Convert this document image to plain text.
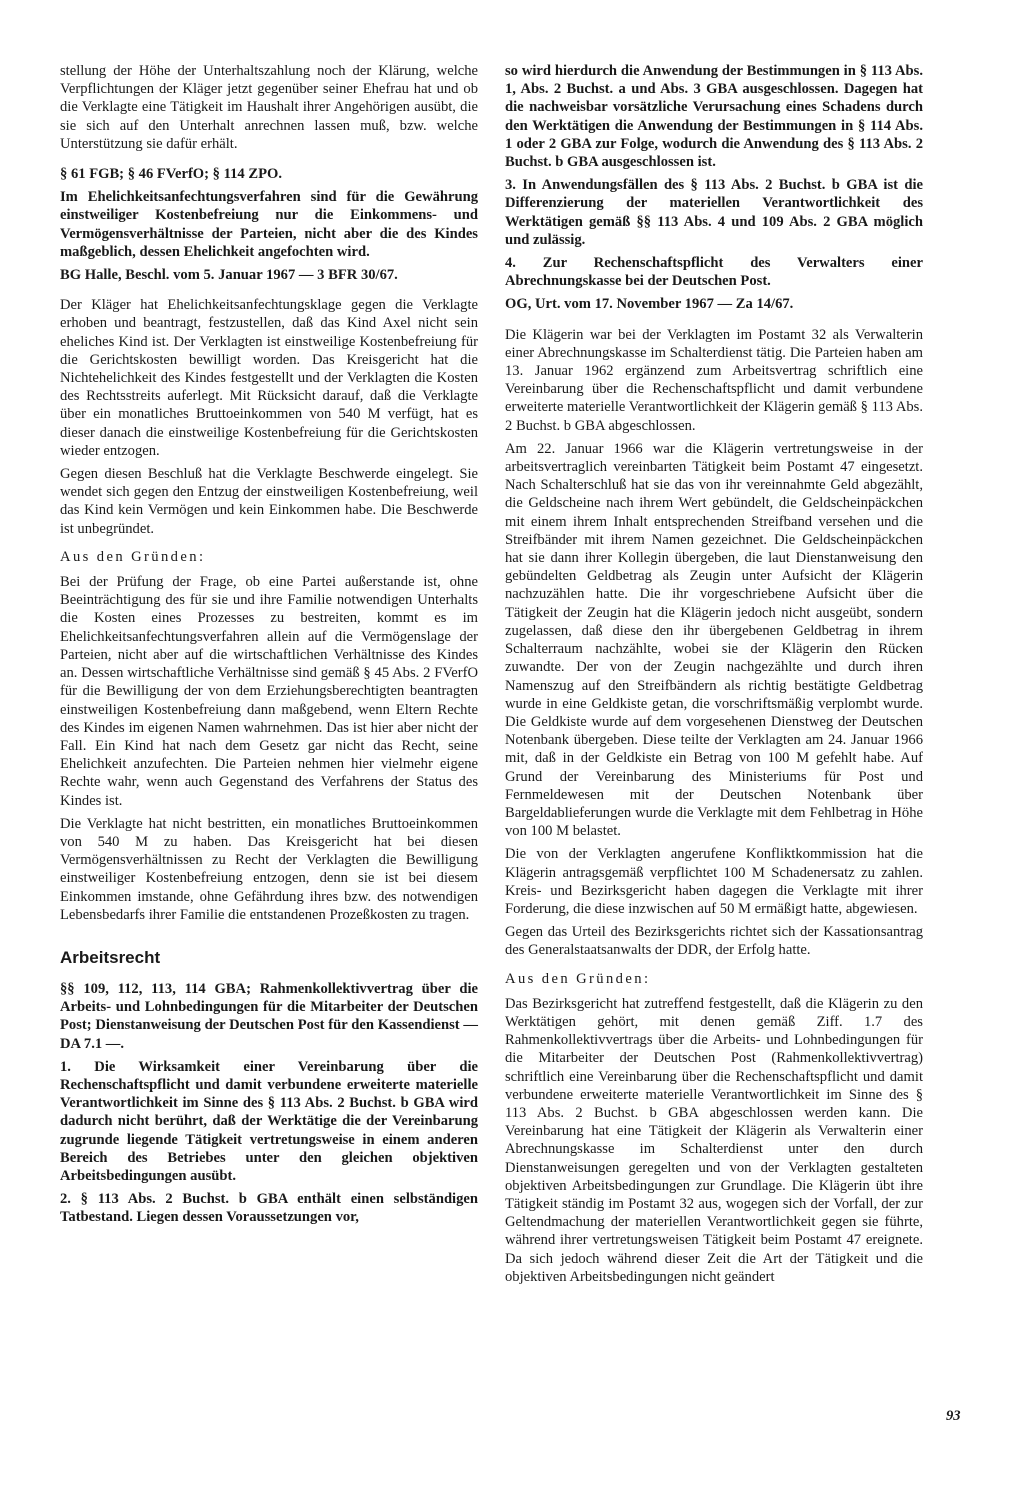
stellung der Höhe der Unterhaltszahlung noch der Klärung, welche Verpflichtungen der Kläger jetzt gegenüber seiner Ehefrau hat und ob die Verklagte eine Tätigkeit im Haushalt ihrer Angehörigen ausübt, die sie sich auf den Unterhalt anrechnen lassen muß, bzw. welche Unterstützung sie dafür erhält.

§ 61 FGB; § 46 FVerfO; § 114 ZPO.

Im Ehelichkeitsanfechtungsverfahren sind für die Gewährung einstweiliger Kostenbefreiung nur die Einkommens- und Vermögensverhältnisse der Parteien, nicht aber die des Kindes maßgeblich, dessen Ehelichkeit angefochten wird.

BG Halle, Beschl. vom 5. Januar 1967 — 3 BFR 30/67.

Der Kläger hat Ehelichkeitsanfechtungsklage gegen die Verklagte erhoben und beantragt, festzustellen, daß das Kind Axel nicht sein eheliches Kind ist. Der Verklagten ist einstweilige Kostenbefreiung für die Gerichtskosten bewilligt worden. Das Kreisgericht hat die Nichtehelichkeit des Kindes festgestellt und der Verklagten die Kosten des Rechtsstreits auferlegt. Mit Rücksicht darauf, daß die Verklagte über ein monatliches Bruttoeinkommen von 540 M verfügt, hat es dieser danach die einstweilige Kostenbefreiung für die Gerichtskosten wieder entzogen.

Gegen diesen Beschluß hat die Verklagte Beschwerde eingelegt. Sie wendet sich gegen den Entzug der einstweiligen Kostenbefreiung, weil das Kind kein Vermögen und kein Einkommen habe. Die Beschwerde ist unbegründet.

Aus den Gründen:

Bei der Prüfung der Frage, ob eine Partei außerstande ist, ohne Beeinträchtigung des für sie und ihre Familie notwendigen Unterhalts die Kosten eines Prozesses zu bestreiten, kommt es im Ehelichkeitsanfechtungsverfahren allein auf die Vermögenslage der Parteien, nicht aber auf die wirtschaftlichen Verhältnisse des Kindes an. Dessen wirtschaftliche Verhältnisse sind gemäß § 45 Abs. 2 FVerfO für die Bewilligung der von dem Erziehungsberechtigten beantragten einstweiligen Kostenbefreiung dann maßgebend, wenn Eltern Rechte des Kindes im eigenen Namen wahrnehmen. Das ist hier aber nicht der Fall. Ein Kind hat nach dem Gesetz gar nicht das Recht, seine Ehelichkeit anzufechten. Die Parteien nehmen hier vielmehr eigene Rechte wahr, wenn auch Gegenstand des Verfahrens der Status des Kindes ist.

Die Verklagte hat nicht bestritten, ein monatliches Bruttoeinkommen von 540 M zu haben. Das Kreisgericht hat bei diesen Vermögensverhältnissen zu Recht der Verklagten die Bewilligung einstweiliger Kostenbefreiung entzogen, denn sie ist bei diesem Einkommen imstande, ohne Gefährdung ihres bzw. des notwendigen Lebensbedarfs ihrer Familie die entstandenen Prozeßkosten zu tragen.

Arbeitsrecht

§§ 109, 112, 113, 114 GBA; Rahmenkollektivvertrag über die Arbeits- und Lohnbedingungen für die Mitarbeiter der Deutschen Post; Dienstanweisung der Deutschen Post für den Kassendienst — DA 7.1 —.

1. Die Wirksamkeit einer Vereinbarung über die Rechenschaftspflicht und damit verbundene erweiterte materielle Verantwortlichkeit im Sinne des § 113 Abs. 2 Buchst. b GBA wird dadurch nicht berührt, daß der Werktätige die der Vereinbarung zugrunde liegende Tätigkeit vertretungsweise in einem anderen Bereich des Betriebes unter den gleichen objektiven Arbeitsbedingungen ausübt.

2. § 113 Abs. 2 Buchst. b GBA enthält einen selbständigen Tatbestand. Liegen dessen Voraussetzungen vor,

so wird hierdurch die Anwendung der Bestimmungen in § 113 Abs. 1, Abs. 2 Buchst. a und Abs. 3 GBA ausgeschlossen. Dagegen hat die nachweisbar vorsätzliche Verursachung eines Schadens durch den Werktätigen die Anwendung der Bestimmungen in § 114 Abs. 1 oder 2 GBA zur Folge, wodurch die Anwendung des § 113 Abs. 2 Buchst. b GBA ausgeschlossen ist.

3. In Anwendungsfällen des § 113 Abs. 2 Buchst. b GBA ist die Differenzierung der materiellen Verantwortlichkeit des Werktätigen gemäß §§ 113 Abs. 4 und 109 Abs. 2 GBA möglich und zulässig.

4. Zur Rechenschaftspflicht des Verwalters einer Abrechnungskasse bei der Deutschen Post.

OG, Urt. vom 17. November 1967 — Za 14/67.

Die Klägerin war bei der Verklagten im Postamt 32 als Verwalterin einer Abrechnungskasse im Schalterdienst tätig. Die Parteien haben am 13. Januar 1962 ergänzend zum Arbeitsvertrag schriftlich eine Vereinbarung über die Rechenschaftspflicht und damit verbundene erweiterte materielle Verantwortlichkeit der Klägerin gemäß § 113 Abs. 2 Buchst. b GBA abgeschlossen.

Am 22. Januar 1966 war die Klägerin vertretungsweise in der arbeitsvertraglich vereinbarten Tätigkeit beim Postamt 47 eingesetzt. Nach Schalterschluß hat sie das von ihr vereinnahmte Geld abgezählt, die Geldscheine nach ihrem Wert gebündelt, die Geldscheinpäckchen mit einem ihrem Inhalt entsprechenden Streifband versehen und die Streifbänder mit ihrem Namen gezeichnet. Die Geldscheinpäckchen hat sie dann ihrer Kollegin übergeben, die laut Dienstanweisung den gebündelten Geldbetrag als Zeugin unter Aufsicht der Klägerin nachzuzählen hatte. Die ihr vorgeschriebene Aufsicht über die Tätigkeit der Zeugin hat die Klägerin jedoch nicht ausgeübt, sondern zugelassen, daß diese den ihr übergebenen Geldbetrag in ihrem Schalterraum nachzählte, wobei sie der Klägerin den Rücken zuwandte. Der von der Zeugin nachgezählte und durch ihren Namenszug auf den Streifbändern als richtig bestätigte Geldbetrag wurde in eine Geldkiste getan, die vorschriftsmäßig verplombt wurde. Die Geldkiste wurde auf dem vorgesehenen Dienstweg der Deutschen Notenbank übergeben. Diese teilte der Verklagten am 24. Januar 1966 mit, daß in der Geldkiste ein Betrag von 100 M gefehlt habe. Auf Grund der Vereinbarung des Ministeriums für Post und Fernmeldewesen mit der Deutschen Notenbank über Bargeldablieferungen wurde die Verklagte mit dem Fehlbetrag in Höhe von 100 M belastet.

Die von der Verklagten angerufene Konfliktkommission hat die Klägerin antragsgemäß verpflichtet 100 M Schadenersatz zu zahlen. Kreis- und Bezirksgericht haben dagegen die Verklagte mit ihrer Forderung, die diese inzwischen auf 50 M ermäßigt hatte, abgewiesen.

Gegen das Urteil des Bezirksgerichts richtet sich der Kassationsantrag des Generalstaatsanwalts der DDR, der Erfolg hatte.

Aus den Gründen:

Das Bezirksgericht hat zutreffend festgestellt, daß die Klägerin zu den Werktätigen gehört, mit denen gemäß Ziff. 1.7 des Rahmenkollektivvertrags über die Arbeits- und Lohnbedingungen für die Mitarbeiter der Deutschen Post (Rahmenkollektivvertrag) schriftlich eine Vereinbarung über die Rechenschaftspflicht und damit verbundene erweiterte materielle Verantwortlichkeit im Sinne des § 113 Abs. 2 Buchst. b GBA abgeschlossen werden kann. Die Vereinbarung hat eine Tätigkeit der Klägerin als Verwalterin einer Abrechnungskasse im Schalterdienst unter den durch Dienstanweisungen geregelten und von der Verklagten gestalteten objektiven Arbeitsbedingungen zur Grundlage. Die Klägerin übt ihre Tätigkeit ständig im Postamt 32 aus, wogegen sich der Vorfall, der zur Geltendmachung der materiellen Verantwortlichkeit gegen sie führte, während ihrer vertretungsweisen Tätigkeit beim Postamt 47 ereignete. Da sich jedoch während dieser Zeit die Art der Tätigkeit und die objektiven Arbeitsbedingungen nicht geändert

93
